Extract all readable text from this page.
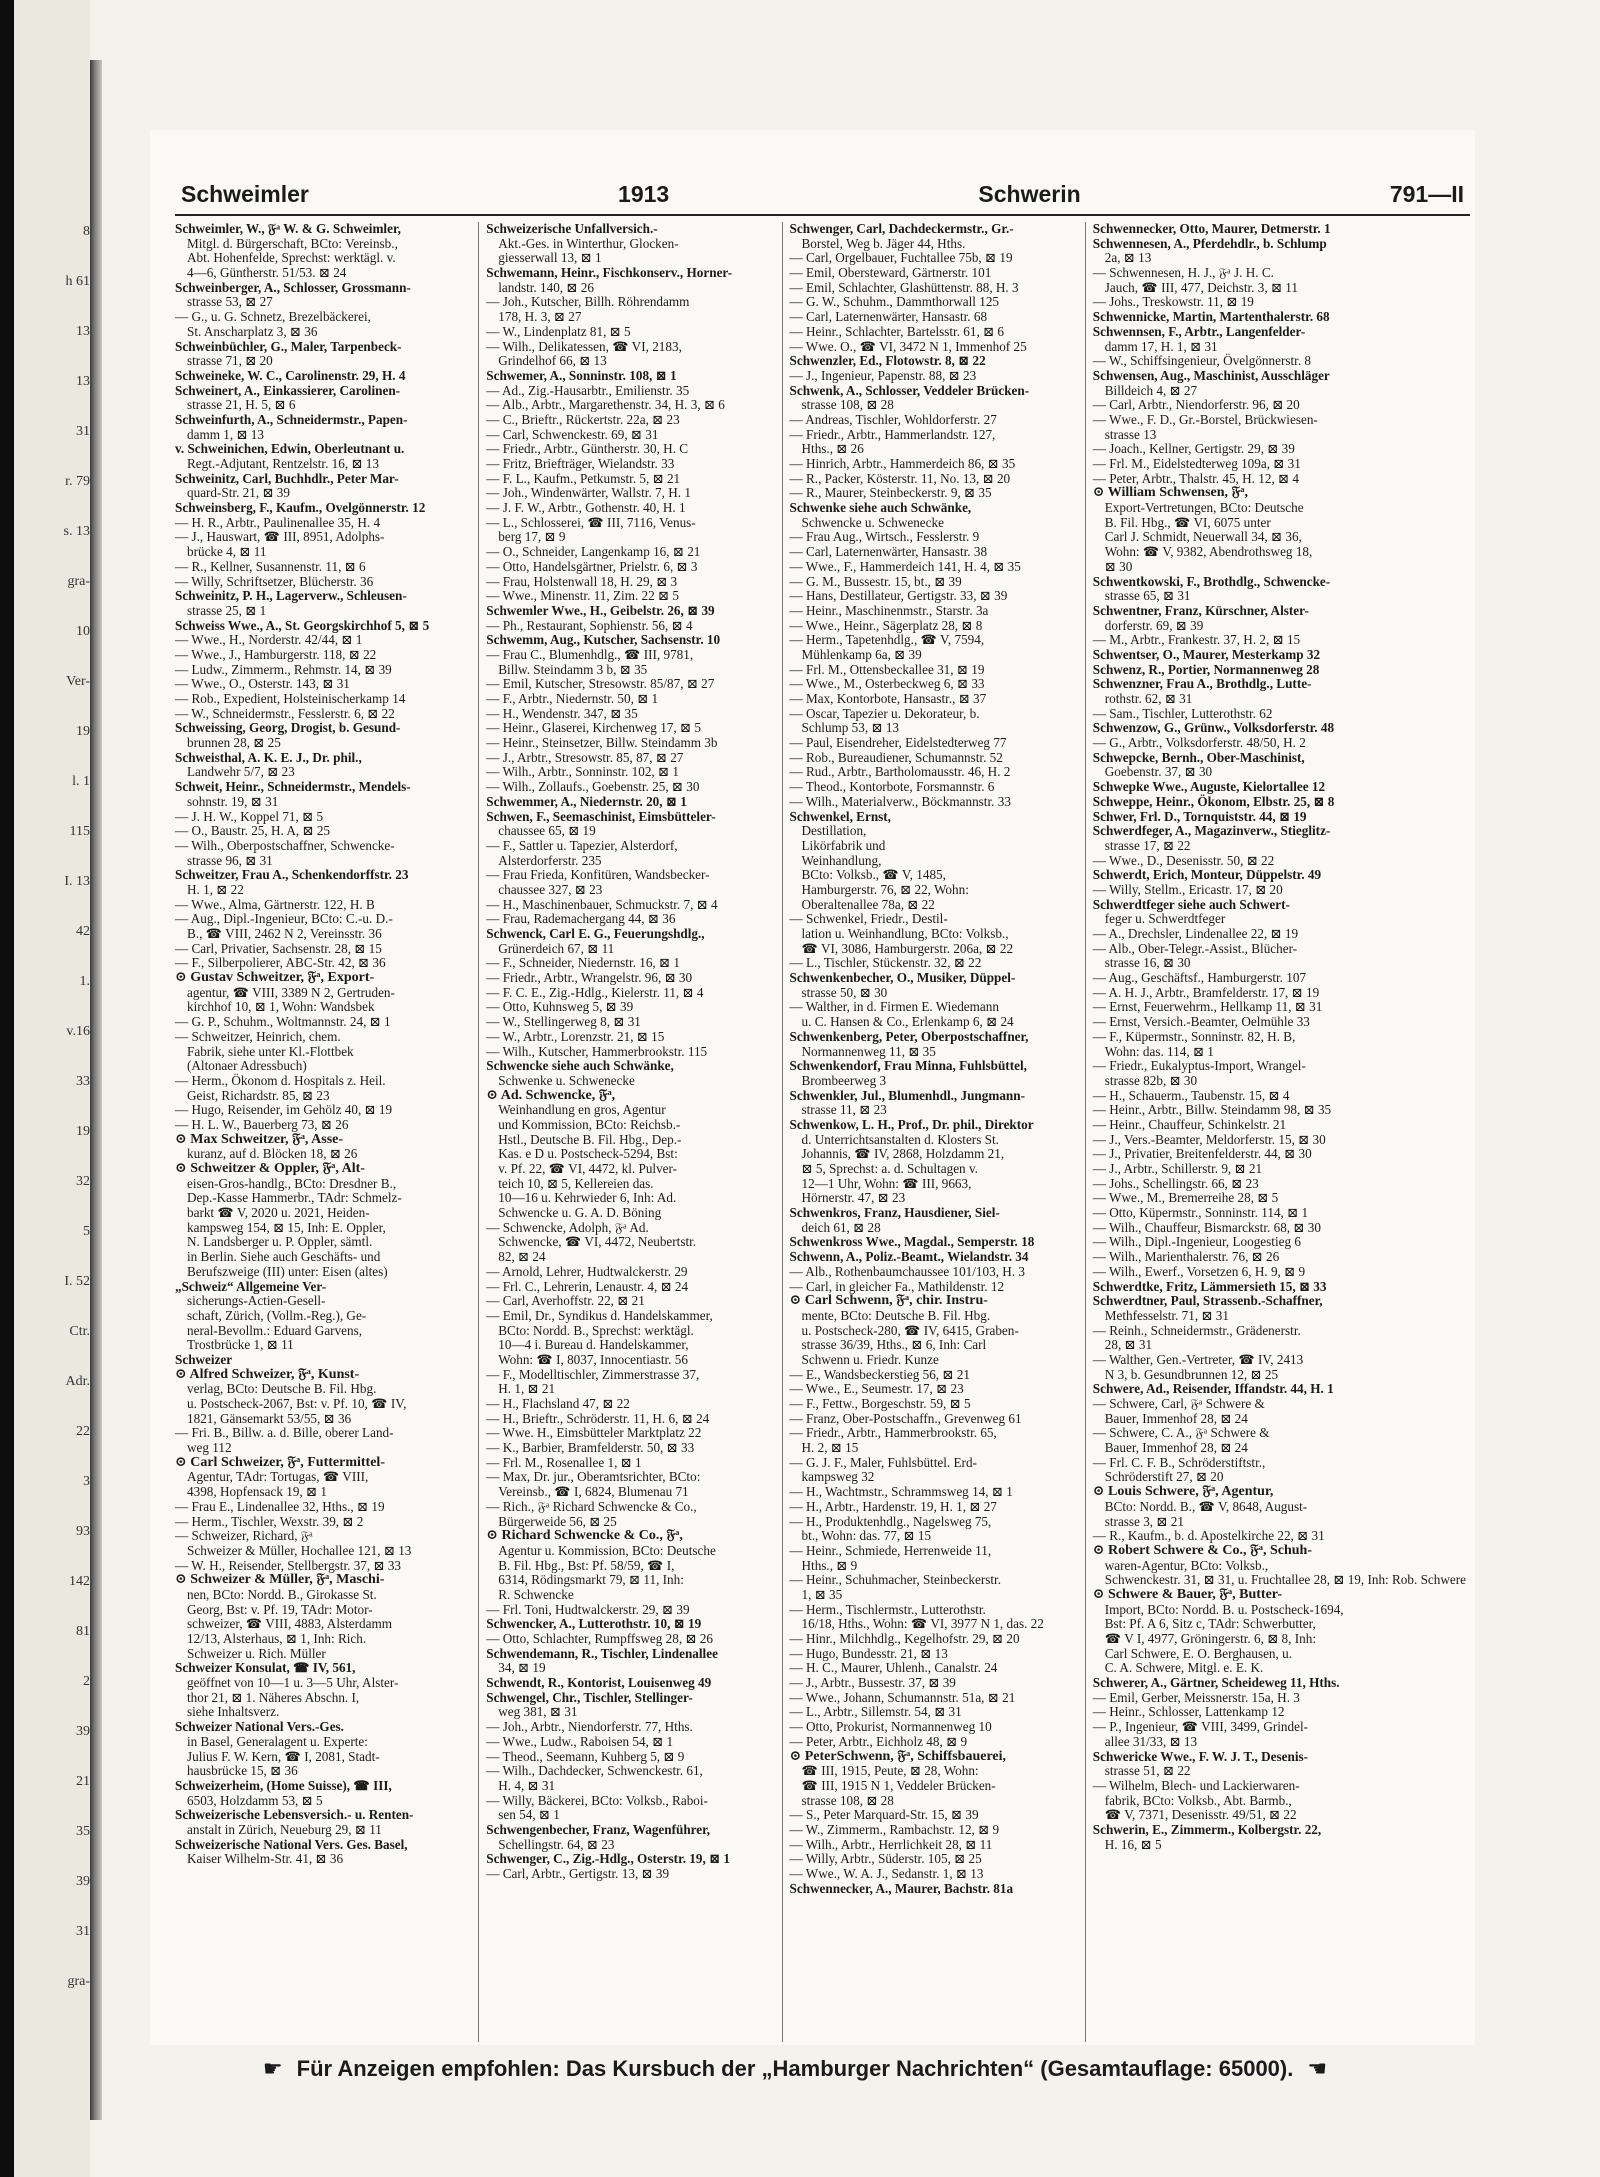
8
h 61
13
13
31
r. 79
s. 13
gra-
10
Ver-
19
l. 1
115
I. 13
42
1.
v.16
33
19
32
5
I. 52
Ctr.
Adr.
22
3
93
142
81
2
39
21
35
39
31
gra-
Schweimler	1913	Schwerin	791—II
Schweimler, W., 𝔉ᵃ W. & G. Schweimler,
Mitgl. d. Bürgerschaft, BCto: Vereinsb.,
Abt. Hohenfelde, Sprechst: werktägl. v.
4—6, Güntherstr. 51/53. ⊠ 24
Schweinberger, A., Schlosser, Grossmann-
strasse 53, ⊠ 27
— G., u. G. Schnetz, Brezelbäckerei,
St. Anscharplatz 3, ⊠ 36
Schweinbüchler, G., Maler, Tarpenbeck-
strasse 71, ⊠ 20
Schweineke, W. C., Carolinenstr. 29, H. 4
Schweinert, A., Einkassierer, Carolinen-
strasse 21, H. 5, ⊠ 6
Schweinfurth, A., Schneidermstr., Papen-
damm 1, ⊠ 13
v. Schweinichen, Edwin, Oberleutnant u.
Regt.-Adjutant, Rentzelstr. 16, ⊠ 13
Schweinitz, Carl, Buchhdlr., Peter Mar-
quard-Str. 21, ⊠ 39
Schweinsberg, F., Kaufm., Ovelgönnerstr. 12
— H. R., Arbtr., Paulinenallee 35, H. 4
— J., Hauswart, ☎ III, 8951, Adolphs-
brücke 4, ⊠ 11
— R., Kellner, Susannenstr. 11, ⊠ 6
— Willy, Schriftsetzer, Blücherstr. 36
Schweinitz, P. H., Lagerverw., Schleusen-
strasse 25, ⊠ 1
Schweiss Wwe., A., St. Georgskirchhof 5, ⊠ 5
— Wwe., H., Norderstr. 42/44, ⊠ 1
— Wwe., J., Hamburgerstr. 118, ⊠ 22
— Ludw., Zimmerm., Rehmstr. 14, ⊠ 39
— Wwe., O., Osterstr. 143, ⊠ 31
— Rob., Expedient, Holsteinischerkamp 14
— W., Schneidermstr., Fesslerstr. 6, ⊠ 22
Schweissing, Georg, Drogist, b. Gesund-
brunnen 28, ⊠ 25
Schweisthal, A. K. E. J., Dr. phil.,
Landwehr 5/7, ⊠ 23
Schweit, Heinr., Schneidermstr., Mendels-
sohnstr. 19, ⊠ 31
— J. H. W., Koppel 71, ⊠ 5
— O., Baustr. 25, H. A, ⊠ 25
— Wilh., Oberpostschaffner, Schwencke-
strasse 96, ⊠ 31
Schweitzer, Frau A., Schenkendorffstr. 23
H. 1, ⊠ 22
— Wwe., Alma, Gärtnerstr. 122, H. B
— Aug., Dipl.-Ingenieur, BCto: C.-u. D.-
B., ☎ VIII, 2462 N 2, Vereinsstr. 36
— Carl, Privatier, Sachsenstr. 28, ⊠ 15
— F., Silberpolierer, ABC-Str. 42, ⊠ 36
⊙ Gustav Schweitzer, 𝔉ᵃ, Export-
agentur, ☎ VIII, 3389 N 2, Gertruden-
kirchhof 10, ⊠ 1, Wohn: Wandsbek
— G. P., Schuhm., Woltmannstr. 24, ⊠ 1
— Schweitzer, Heinrich, chem.
Fabrik, siehe unter Kl.-Flottbek
(Altonaer Adressbuch)
— Herm., Ökonom d. Hospitals z. Heil.
Geist, Richardstr. 85, ⊠ 23
— Hugo, Reisender, im Gehölz 40, ⊠ 19
— H. L. W., Bauerberg 73, ⊠ 26
⊙ Max Schweitzer, 𝔉ᵃ, Asse-
kuranz, auf d. Blöcken 18, ⊠ 26
⊙ Schweitzer & Oppler, 𝔉ᵃ, Alt-
eisen-Gros-handlg., BCto: Dresdner B.,
Dep.-Kasse Hammerbr., TAdr: Schmelz-
barkt ☎ V, 2020 u. 2021, Heiden-
kampsweg 154, ⊠ 15, Inh: E. Oppler,
N. Landsberger u. P. Oppler, sämtl.
in Berlin. Siehe auch Geschäfts- und
Berufszweige (III) unter: Eisen (altes)
„Schweiz“ Allgemeine Ver-
sicherungs-Actien-Gesell-
schaft, Zürich, (Vollm.-Reg.), Ge-
neral-Bevollm.: Eduard Garvens,
Trostbrücke 1, ⊠ 11
Schweizer
⊙ Alfred Schweizer, 𝔉ᵃ, Kunst-
verlag, BCto: Deutsche B. Fil. Hbg.
u. Postscheck-2067, Bst: v. Pf. 10, ☎ IV,
1821, Gänsemarkt 53/55, ⊠ 36
— Fri. B., Billw. a. d. Bille, oberer Land-
weg 112
⊙ Carl Schweizer, 𝔉ᵃ, Futtermittel-
Agentur, TAdr: Tortugas, ☎ VIII,
4398, Hopfensack 19, ⊠ 1
— Frau E., Lindenallee 32, Hths., ⊠ 19
— Herm., Tischler, Wexstr. 39, ⊠ 2
— Schweizer, Richard, 𝔉ᵃ
Schweizer & Müller, Hochallee 121, ⊠ 13
— W. H., Reisender, Stellbergstr. 37, ⊠ 33
⊙ Schweizer & Müller, 𝔉ᵃ, Maschi-
nen, BCto: Nordd. B., Girokasse St.
Georg, Bst: v. Pf. 19, TAdr: Motor-
schweizer, ☎ VIII, 4883, Alsterdamm
12/13, Alsterhaus, ⊠ 1, Inh: Rich.
Schweizer u. Rich. Müller
Schweizer Konsulat, ☎ IV, 561,
geöffnet von 10—1 u. 3—5 Uhr, Alster-
thor 21, ⊠ 1. Näheres Abschn. I,
siehe Inhaltsverz.
Schweizer National Vers.-Ges.
in Basel, Generalagent u. Experte:
Julius F. W. Kern, ☎ I, 2081, Stadt-
hausbrücke 15, ⊠ 36
Schweizerheim, (Home Suisse), ☎ III,
6503, Holzdamm 53, ⊠ 5
Schweizerische Lebensversich.- u. Renten-
anstalt in Zürich, Neueburg 29, ⊠ 11
Schweizerische National Vers. Ges. Basel,
Kaiser Wilhelm-Str. 41, ⊠ 36
Schweizerische Unfallversich.-
Akt.-Ges. in Winterthur, Glocken-
giesserwall 13, ⊠ 1
Schwemann, Heinr., Fischkonserv., Horner-
landstr. 140, ⊠ 26
— Joh., Kutscher, Billh. Röhrendamm
178, H. 3, ⊠ 27
— W., Lindenplatz 81, ⊠ 5
— Wilh., Delikatessen, ☎ VI, 2183,
Grindelhof 66, ⊠ 13
Schwemer, A., Sonninstr. 108, ⊠ 1
— Ad., Zig.-Hausarbtr., Emilienstr. 35
— Alb., Arbtr., Margarethenstr. 34, H. 3, ⊠ 6
— C., Brieftr., Rückertstr. 22a, ⊠ 23
— Carl, Schwenckestr. 69, ⊠ 31
— Friedr., Arbtr., Güntherstr. 30, H. C
— Fritz, Briefträger, Wielandstr. 33
— F. L., Kaufm., Petkumstr. 5, ⊠ 21
— Joh., Windenwärter, Wallstr. 7, H. 1
— J. F. W., Arbtr., Gothenstr. 40, H. 1
— L., Schlosserei, ☎ III, 7116, Venus-
berg 17, ⊠ 9
— O., Schneider, Langenkamp 16, ⊠ 21
— Otto, Handelsgärtner, Prielstr. 6, ⊠ 3
— Frau, Holstenwall 18, H. 29, ⊠ 3
— Wwe., Minenstr. 11, Zim. 22 ⊠ 5
Schwemler Wwe., H., Geibelstr. 26, ⊠ 39
— Ph., Restaurant, Sophienstr. 56, ⊠ 4
Schwemm, Aug., Kutscher, Sachsenstr. 10
— Frau C., Blumenhdlg., ☎ III, 9781,
Billw. Steindamm 3 b, ⊠ 35
— Emil, Kutscher, Stresowstr. 85/87, ⊠ 27
— F., Arbtr., Niedernstr. 50, ⊠ 1
— H., Wendenstr. 347, ⊠ 35
— Heinr., Glaserei, Kirchenweg 17, ⊠ 5
— Heinr., Steinsetzer, Billw. Steindamm 3b
— J., Arbtr., Stresowstr. 85, 87, ⊠ 27
— Wilh., Arbtr., Sonninstr. 102, ⊠ 1
— Wilh., Zollaufs., Goebenstr. 25, ⊠ 30
Schwemmer, A., Niedernstr. 20, ⊠ 1
Schwen, F., Seemaschinist, Eimsbütteler-
chaussee 65, ⊠ 19
— F., Sattler u. Tapezier, Alsterdorf,
Alsterdorferstr. 235
— Frau Frieda, Konfitüren, Wandsbecker-
chaussee 327, ⊠ 23
— H., Maschinenbauer, Schmuckstr. 7, ⊠ 4
— Frau, Rademachergang 44, ⊠ 36
Schwenck, Carl E. G., Feuerungshdlg.,
Grünerdeich 67, ⊠ 11
— F., Schneider, Niedernstr. 16, ⊠ 1
— Friedr., Arbtr., Wrangelstr. 96, ⊠ 30
— F. C. E., Zig.-Hdlg., Kielerstr. 11, ⊠ 4
— Otto, Kuhnsweg 5, ⊠ 39
— W., Stellingerweg 8, ⊠ 31
— W., Arbtr., Lorenzstr. 21, ⊠ 15
— Wilh., Kutscher, Hammerbrookstr. 115
Schwencke siehe auch Schwänke,
Schwenke u. Schwenecke
⊙ Ad. Schwencke, 𝔉ᵃ,
Weinhandlung en gros, Agentur
und Kommission, BCto: Reichsb.-
Hstl., Deutsche B. Fil. Hbg., Dep.-
Kas. e D u. Postscheck-5294, Bst:
v. Pf. 22, ☎ VI, 4472, kl. Pulver-
teich 10, ⊠ 5, Kellereien das.
10—16 u. Kehrwieder 6, Inh: Ad.
Schwencke u. G. A. D. Böning
— Schwencke, Adolph, 𝔉ᵃ Ad.
Schwencke, ☎ VI, 4472, Neubertstr.
82, ⊠ 24
— Arnold, Lehrer, Hudtwalckerstr. 29
— Frl. C., Lehrerin, Lenaustr. 4, ⊠ 24
— Carl, Averhoffstr. 22, ⊠ 21
— Emil, Dr., Syndikus d. Handelskammer,
BCto: Nordd. B., Sprechst: werktägl.
10—4 i. Bureau d. Handelskammer,
Wohn: ☎ I, 8037, Innocentiastr. 56
— F., Modelltischler, Zimmerstrasse 37,
H. 1, ⊠ 21
— H., Flachsland 47, ⊠ 22
— H., Brieftr., Schröderstr. 11, H. 6, ⊠ 24
— Wwe. H., Eimsbütteler Marktplatz 22
— K., Barbier, Bramfelderstr. 50, ⊠ 33
— Frl. M., Rosenallee 1, ⊠ 1
— Max, Dr. jur., Oberamtsrichter, BCto:
Vereinsb., ☎ I, 6824, Blumenau 71
— Rich., 𝔉ᵃ Richard Schwencke & Co.,
Bürgerweide 56, ⊠ 25
⊙ Richard Schwencke & Co., 𝔉ᵃ,
Agentur u. Kommission, BCto: Deutsche
B. Fil. Hbg., Bst: Pf. 58/59, ☎ I,
6314, Rödingsmarkt 79, ⊠ 11, Inh:
R. Schwencke
— Frl. Toni, Hudtwalckerstr. 29, ⊠ 39
Schwencker, A., Lutterothstr. 10, ⊠ 19
— Otto, Schlachter, Rumpffsweg 28, ⊠ 26
Schwendemann, R., Tischler, Lindenallee
34, ⊠ 19
Schwendt, R., Kontorist, Louisenweg 49
Schwengel, Chr., Tischler, Stellinger-
weg 381, ⊠ 31
— Joh., Arbtr., Niendorferstr. 77, Hths.
— Wwe., Ludw., Raboisen 54, ⊠ 1
— Theod., Seemann, Kuhberg 5, ⊠ 9
— Wilh., Dachdecker, Schwenckestr. 61,
H. 4, ⊠ 31
— Willy, Bäckerei, BCto: Volksb., Raboi-
sen 54, ⊠ 1
Schwengenbecher, Franz, Wagenführer,
Schellingstr. 64, ⊠ 23
Schwenger, C., Zig.-Hdlg., Osterstr. 19, ⊠ 1
— Carl, Arbtr., Gertigstr. 13, ⊠ 39
Schwenger, Carl, Dachdeckermstr., Gr.-
Borstel, Weg b. Jäger 44, Hths.
— Carl, Orgelbauer, Fuchtallee 75b, ⊠ 19
— Emil, Obersteward, Gärtnerstr. 101
— Emil, Schlachter, Glashüttenstr. 88, H. 3
— G. W., Schuhm., Dammthorwall 125
— Carl, Laternenwärter, Hansastr. 68
— Heinr., Schlachter, Bartelsstr. 61, ⊠ 6
— Wwe. O., ☎ VI, 3472 N 1, Immenhof 25
Schwenzler, Ed., Flotowstr. 8, ⊠ 22
— J., Ingenieur, Papenstr. 88, ⊠ 23
Schwenk, A., Schlosser, Veddeler Brücken-
strasse 108, ⊠ 28
— Andreas, Tischler, Wohldorferstr. 27
— Friedr., Arbtr., Hammerlandstr. 127,
Hths., ⊠ 26
— Hinrich, Arbtr., Hammerdeich 86, ⊠ 35
— R., Packer, Kösterstr. 11, No. 13, ⊠ 20
— R., Maurer, Steinbeckerstr. 9, ⊠ 35
Schwenke siehe auch Schwänke,
Schwencke u. Schwenecke
— Frau Aug., Wirtsch., Fesslerstr. 9
— Carl, Laternenwärter, Hansastr. 38
— Wwe., F., Hammerdeich 141, H. 4, ⊠ 35
— G. M., Bussestr. 15, bt., ⊠ 39
— Hans, Destillateur, Gertigstr. 33, ⊠ 39
— Heinr., Maschinenmstr., Starstr. 3a
— Wwe., Heinr., Sägerplatz 28, ⊠ 8
— Herm., Tapetenhdlg., ☎ V, 7594,
Mühlenkamp 6a, ⊠ 39
— Frl. M., Ottensbeckallee 31, ⊠ 19
— Wwe., M., Osterbeckweg 6, ⊠ 33
— Max, Kontorbote, Hansastr., ⊠ 37
— Oscar, Tapezier u. Dekorateur, b.
Schlump 53, ⊠ 13
— Paul, Eisendreher, Eidelstedterweg 77
— Rob., Bureaudiener, Schumannstr. 52
— Rud., Arbtr., Bartholomausstr. 46, H. 2
— Theod., Kontorbote, Forsmannstr. 6
— Wilh., Materialverw., Böckmannstr. 33
Schwenkel, Ernst,
Destillation,
Likörfabrik und
Weinhandlung,
BCto: Volksb., ☎ V, 1485,
Hamburgerstr. 76, ⊠ 22, Wohn:
Oberaltenallee 78a, ⊠ 22
— Schwenkel, Friedr., Destil-
lation u. Weinhandlung, BCto: Volksb.,
☎ VI, 3086, Hamburgerstr. 206a, ⊠ 22
— L., Tischler, Stückenstr. 32, ⊠ 22
Schwenkenbecher, O., Musiker, Düppel-
strasse 50, ⊠ 30
— Walther, in d. Firmen E. Wiedemann
u. C. Hansen & Co., Erlenkamp 6, ⊠ 24
Schwenkenberg, Peter, Oberpostschaffner,
Normannenweg 11, ⊠ 35
Schwenkendorf, Frau Minna, Fuhlsbüttel,
Brombeerweg 3
Schwenkler, Jul., Blumenhdl., Jungmann-
strasse 11, ⊠ 23
Schwenkow, L. H., Prof., Dr. phil., Direktor
d. Unterrichtsanstalten d. Klosters St.
Johannis, ☎ IV, 2868, Holzdamm 21,
⊠ 5, Sprechst: a. d. Schultagen v.
12—1 Uhr, Wohn: ☎ III, 9663,
Hörnerstr. 47, ⊠ 23
Schwenkros, Franz, Hausdiener, Siel-
deich 61, ⊠ 28
Schwenkross Wwe., Magdal., Semperstr. 18
Schwenn, A., Poliz.-Beamt., Wielandstr. 34
— Alb., Rothenbaumchaussee 101/103, H. 3
— Carl, in gleicher Fa., Mathildenstr. 12
⊙ Carl Schwenn, 𝔉ᵃ, chir. Instru-
mente, BCto: Deutsche B. Fil. Hbg.
u. Postscheck-280, ☎ IV, 6415, Graben-
strasse 36/39, Hths., ⊠ 6, Inh: Carl
Schwenn u. Friedr. Kunze
— E., Wandsbeckerstieg 56, ⊠ 21
— Wwe., E., Seumestr. 17, ⊠ 23
— F., Fettw., Borgeschstr. 59, ⊠ 5
— Franz, Ober-Postschaffn., Grevenweg 61
— Friedr., Arbtr., Hammerbrookstr. 65,
H. 2, ⊠ 15
— G. J. F., Maler, Fuhlsbüttel. Erd-
kampsweg 32
— H., Wachtmstr., Schrammsweg 14, ⊠ 1
— H., Arbtr., Hardenstr. 19, H. 1, ⊠ 27
— H., Produktenhdlg., Nagelsweg 75,
bt., Wohn: das. 77, ⊠ 15
— Heinr., Schmiede, Herrenweide 11,
Hths., ⊠ 9
— Heinr., Schuhmacher, Steinbeckerstr.
1, ⊠ 35
— Herm., Tischlermstr., Lutterothstr.
16/18, Hths., Wohn: ☎ VI, 3977 N 1, das. 22
— Hinr., Milchhdlg., Kegelhofstr. 29, ⊠ 20
— Hugo, Bundesstr. 21, ⊠ 13
— H. C., Maurer, Uhlenh., Canalstr. 24
— J., Arbtr., Bussestr. 37, ⊠ 39
— Wwe., Johann, Schumannstr. 51a, ⊠ 21
— L., Arbtr., Sillemstr. 54, ⊠ 31
— Otto, Prokurist, Normannenweg 10
— Peter, Arbtr., Eichholz 48, ⊠ 9
⊙ PeterSchwenn, 𝔉ᵃ, Schiffsbauerei,
☎ III, 1915, Peute, ⊠ 28, Wohn:
☎ III, 1915 N 1, Veddeler Brücken-
strasse 108, ⊠ 28
— S., Peter Marquard-Str. 15, ⊠ 39
— W., Zimmerm., Rambachstr. 12, ⊠ 9
— Wilh., Arbtr., Herrlichkeit 28, ⊠ 11
— Willy, Arbtr., Süderstr. 105, ⊠ 25
— Wwe., W. A. J., Sedanstr. 1, ⊠ 13
Schwennecker, A., Maurer, Bachstr. 81a
Schwennecker, Otto, Maurer, Detmerstr. 1
Schwennesen, A., Pferdehdlr., b. Schlump
2a, ⊠ 13
— Schwennesen, H. J., 𝔉ᵃ J. H. C.
Jauch, ☎ III, 477, Deichstr. 3, ⊠ 11
— Johs., Treskowstr. 11, ⊠ 19
Schwennicke, Martin, Martenthalerstr. 68
Schwennsen, F., Arbtr., Langenfelder-
damm 17, H. 1, ⊠ 31
— W., Schiffsingenieur, Övelgönnerstr. 8
Schwensen, Aug., Maschinist, Ausschläger
Billdeich 4, ⊠ 27
— Carl, Arbtr., Niendorferstr. 96, ⊠ 20
— Wwe., F. D., Gr.-Borstel, Brückwiesen-
strasse 13
— Joach., Kellner, Gertigstr. 29, ⊠ 39
— Frl. M., Eidelstedterweg 109a, ⊠ 31
— Peter, Arbtr., Thalstr. 45, H. 12, ⊠ 4
⊙ William Schwensen, 𝔉ᵃ,
Export-Vertretungen, BCto: Deutsche
B. Fil. Hbg., ☎ VI, 6075 unter
Carl J. Schmidt, Neuerwall 34, ⊠ 36,
Wohn: ☎ V, 9382, Abendrothsweg 18,
⊠ 30
Schwentkowski, F., Brothdlg., Schwencke-
strasse 65, ⊠ 31
Schwentner, Franz, Kürschner, Alster-
dorferstr. 69, ⊠ 39
— M., Arbtr., Frankestr. 37, H. 2, ⊠ 15
Schwentser, O., Maurer, Mesterkamp 32
Schwenz, R., Portier, Normannenweg 28
Schwenzner, Frau A., Brothdlg., Lutte-
rothstr. 62, ⊠ 31
— Sam., Tischler, Lutterothstr. 62
Schwenzow, G., Grünw., Volksdorferstr. 48
— G., Arbtr., Volksdorferstr. 48/50, H. 2
Schwepcke, Bernh., Ober-Maschinist,
Goebenstr. 37, ⊠ 30
Schwepke Wwe., Auguste, Kielortallee 12
Schweppe, Heinr., Ökonom, Elbstr. 25, ⊠ 8
Schwer, Frl. D., Tornquiststr. 44, ⊠ 19
Schwerdfeger, A., Magazinverw., Stieglitz-
strasse 17, ⊠ 22
— Wwe., D., Desenisstr. 50, ⊠ 22
Schwerdt, Erich, Monteur, Düppelstr. 49
— Willy, Stellm., Ericastr. 17, ⊠ 20
Schwerdtfeger siehe auch Schwert-
feger u. Schwerdtfeger
— A., Drechsler, Lindenallee 22, ⊠ 19
— Alb., Ober-Telegr.-Assist., Blücher-
strasse 16, ⊠ 30
— Aug., Geschäftsf., Hamburgerstr. 107
— A. H. J., Arbtr., Bramfelderstr. 17, ⊠ 19
— Ernst, Feuerwehrm., Hellkamp 11, ⊠ 31
— Ernst, Versich.-Beamter, Oelmühle 33
— F., Küpermstr., Sonninstr. 82, H. B,
Wohn: das. 114, ⊠ 1
— Friedr., Eukalyptus-Import, Wrangel-
strasse 82b, ⊠ 30
— H., Schauerm., Taubenstr. 15, ⊠ 4
— Heinr., Arbtr., Billw. Steindamm 98, ⊠ 35
— Heinr., Chauffeur, Schinkelstr. 21
— J., Vers.-Beamter, Meldorferstr. 15, ⊠ 30
— J., Privatier, Breitenfelderstr. 44, ⊠ 30
— J., Arbtr., Schillerstr. 9, ⊠ 21
— Johs., Schellingstr. 66, ⊠ 23
— Wwe., M., Bremerreihe 28, ⊠ 5
— Otto, Küpermstr., Sonninstr. 114, ⊠ 1
— Wilh., Chauffeur, Bismarckstr. 68, ⊠ 30
— Wilh., Dipl.-Ingenieur, Loogestieg 6
— Wilh., Marienthalerstr. 76, ⊠ 26
— Wilh., Ewerf., Vorsetzen 6, H. 9, ⊠ 9
Schwerdtke, Fritz, Lämmersieth 15, ⊠ 33
Schwerdtner, Paul, Strassenb.-Schaffner,
Methfesselstr. 71, ⊠ 31
— Reinh., Schneidermstr., Grädenerstr.
28, ⊠ 31
— Walther, Gen.-Vertreter, ☎ IV, 2413
N 3, b. Gesundbrunnen 12, ⊠ 25
Schwere, Ad., Reisender, Iffandstr. 44, H. 1
— Schwere, Carl, 𝔉ᵃ Schwere &
Bauer, Immenhof 28, ⊠ 24
— Schwere, C. A., 𝔉ᵃ Schwere &
Bauer, Immenhof 28, ⊠ 24
— Frl. C. F. B., Schröderstiftstr.,
Schröderstift 27, ⊠ 20
⊙ Louis Schwere, 𝔉ᵃ, Agentur,
BCto: Nordd. B., ☎ V, 8648, August-
strasse 3, ⊠ 21
— R., Kaufm., b. d. Apostelkirche 22, ⊠ 31
⊙ Robert Schwere & Co., 𝔉ᵃ, Schuh-
waren-Agentur, BCto: Volksb.,
Schwenckestr. 31, ⊠ 31, u. Fruchtallee 28, ⊠ 19, Inh: Rob. Schwere
⊙ Schwere & Bauer, 𝔉ᵃ, Butter-
Import, BCto: Nordd. B. u. Postscheck-1694,
Bst: Pf. A 6, Sitz c, TAdr: Schwerbutter,
☎ V I, 4977, Gröningerstr. 6, ⊠ 8, Inh:
Carl Schwere, E. O. Berghausen, u.
C. A. Schwere, Mitgl. e. E. K.
Schwerer, A., Gärtner, Scheideweg 11, Hths.
— Emil, Gerber, Meissnerstr. 15a, H. 3
— Heinr., Schlosser, Lattenkamp 12
— P., Ingenieur, ☎ VIII, 3499, Grindel-
allee 31/33, ⊠ 13
Schwericke Wwe., F. W. J. T., Desenis-
strasse 51, ⊠ 22
— Wilhelm, Blech- und Lackierwaren-
fabrik, BCto: Volksb., Abt. Barmb.,
☎ V, 7371, Desenisstr. 49/51, ⊠ 22
Schwerin, E., Zimmerm., Kolbergstr. 22,
H. 16, ⊠ 5
☛ Für Anzeigen empfohlen: Das Kursbuch der „Hamburger Nachrichten“ (Gesamtauflage: 65000). ☚
